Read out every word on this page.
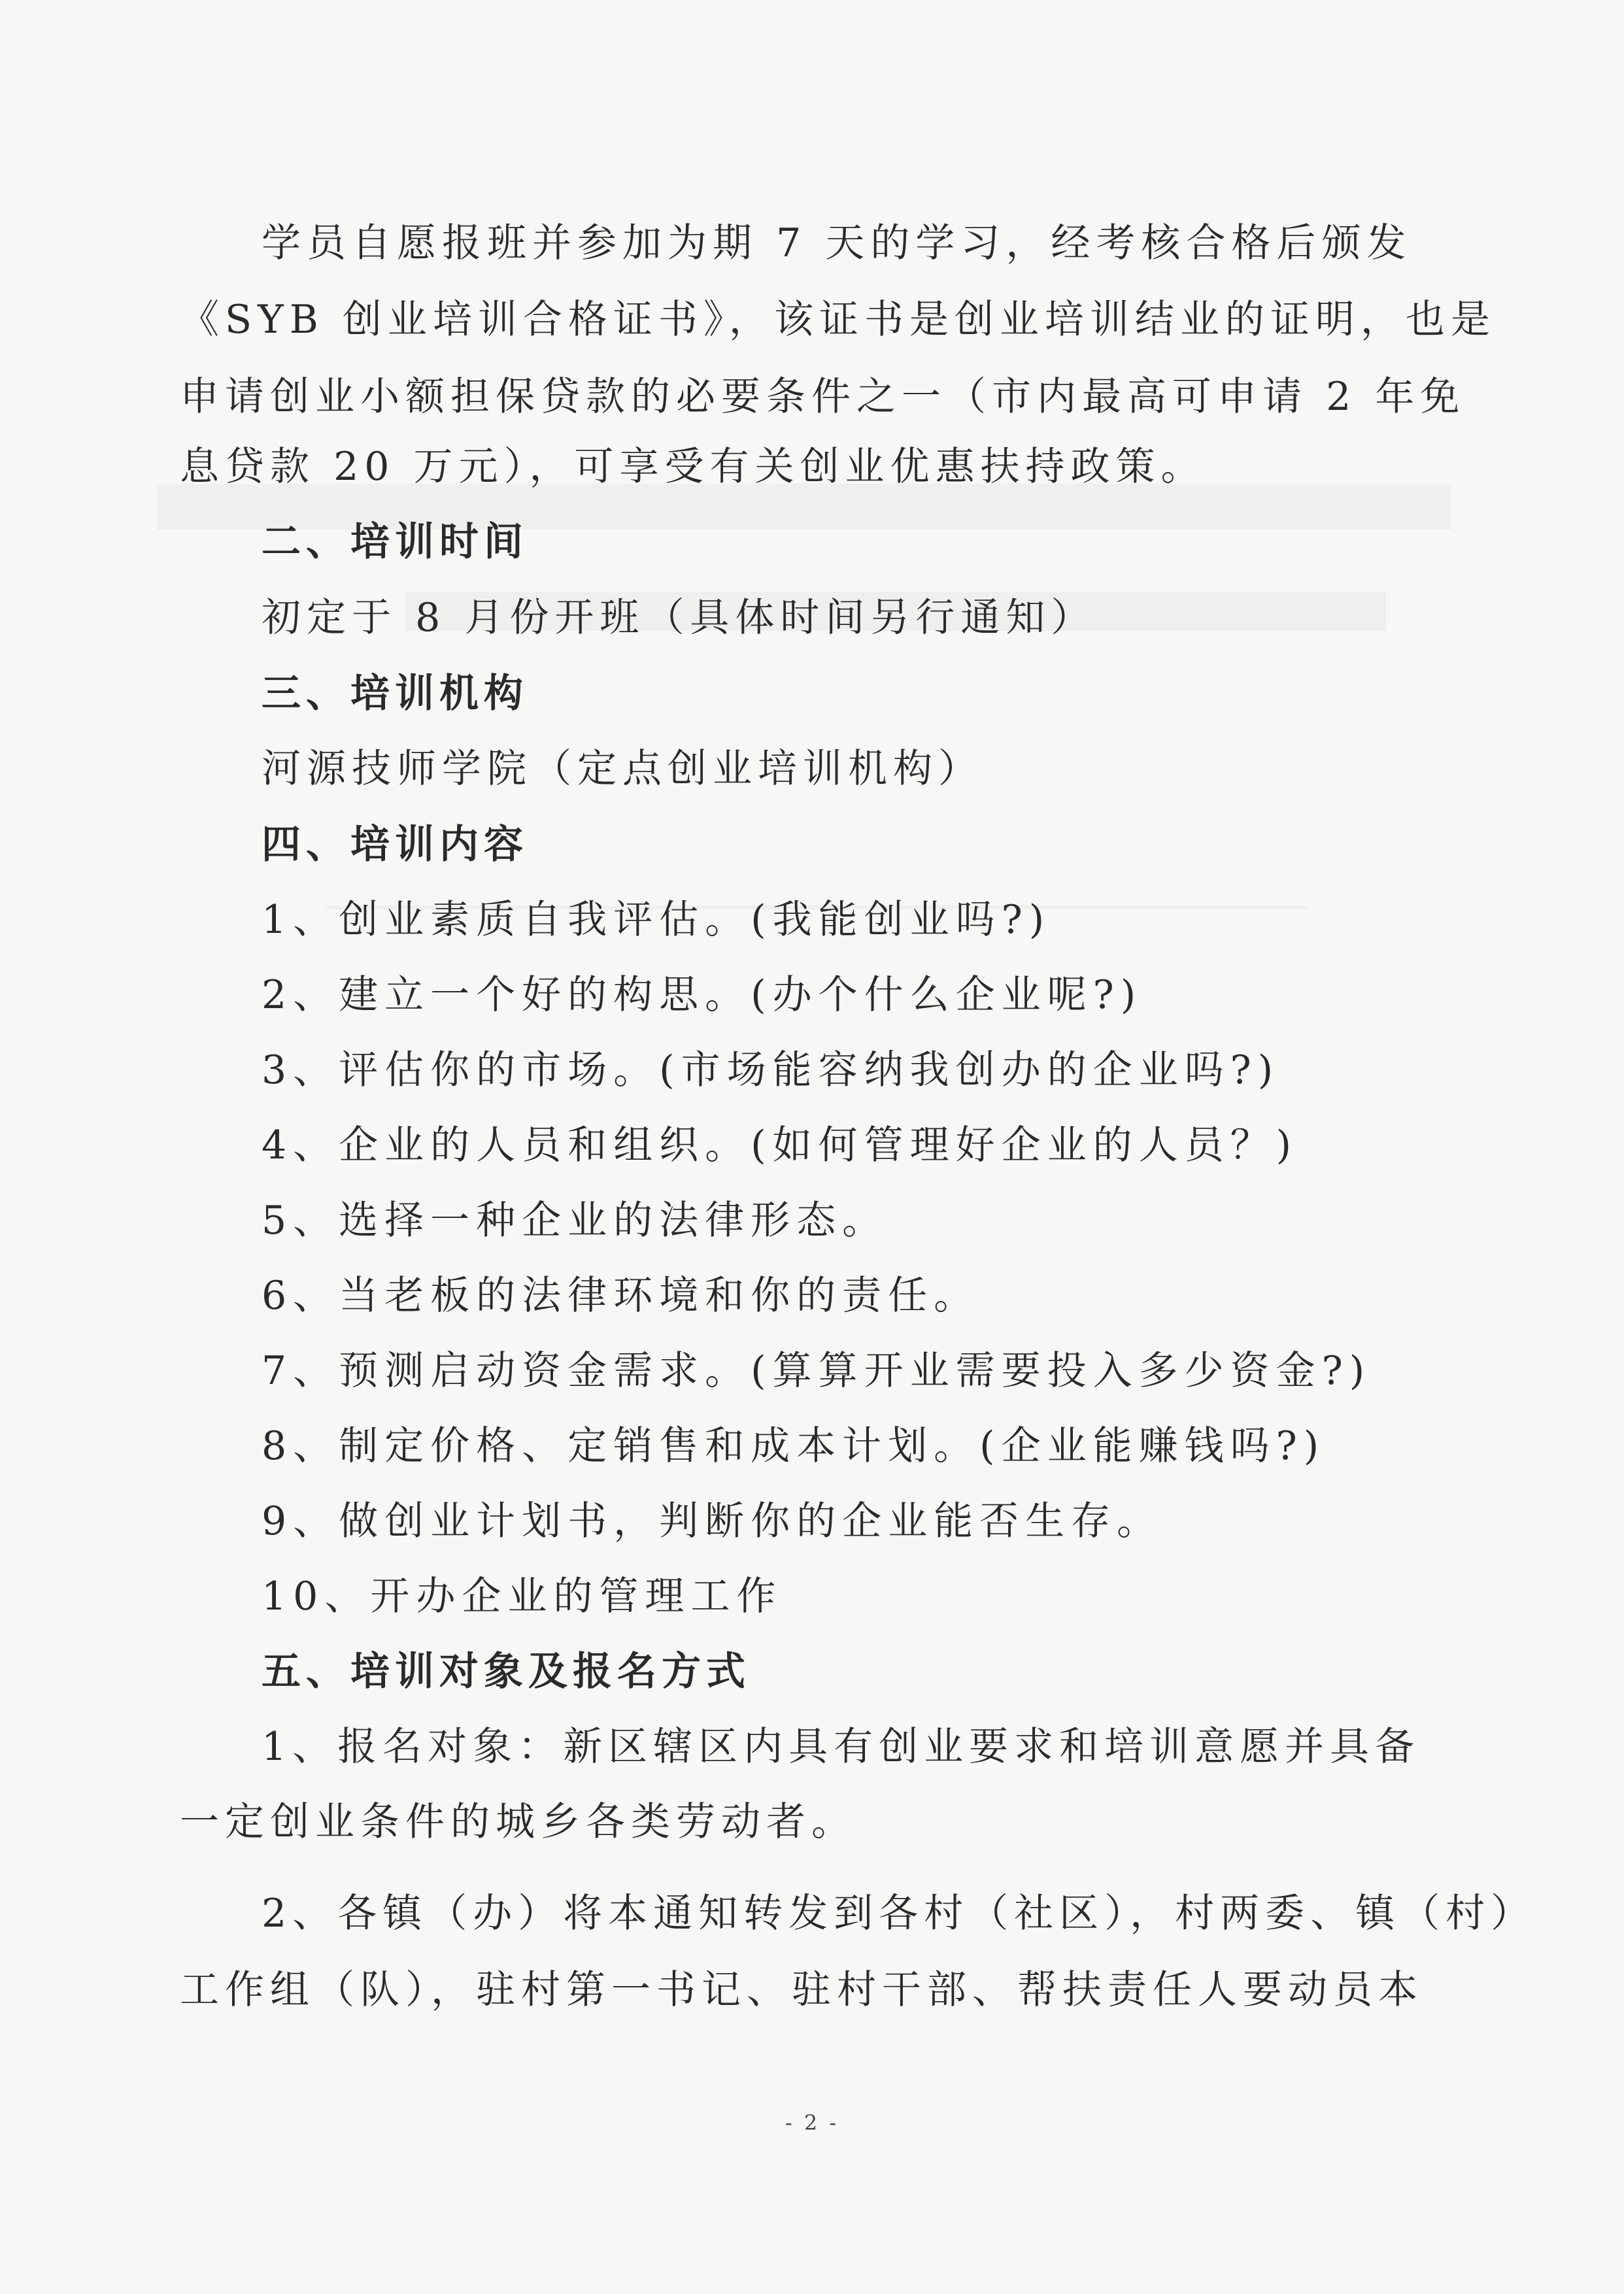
学员自愿报班并参加为期 7 天的学习，经考核合格后颁发
《SYB 创业培训合格证书》，该证书是创业培训结业的证明，也是
申请创业小额担保贷款的必要条件之一（市内最高可申请 2 年免
息贷款 20 万元），可享受有关创业优惠扶持政策。
二、培训时间
初定于 8 月份开班（具体时间另行通知）
三、培训机构
河源技师学院（定点创业培训机构）
四、培训内容
1、创业素质自我评估。(我能创业吗?)
2、建立一个好的构思。(办个什么企业呢?)
3、评估你的市场。(市场能容纳我创办的企业吗?)
4、企业的人员和组织。(如何管理好企业的人员？)
5、选择一种企业的法律形态。
6、当老板的法律环境和你的责任。
7、预测启动资金需求。(算算开业需要投入多少资金?)
8、制定价格、定销售和成本计划。(企业能赚钱吗?)
9、做创业计划书，判断你的企业能否生存。
10、开办企业的管理工作
五、培训对象及报名方式
1、报名对象：新区辖区内具有创业要求和培训意愿并具备
一定创业条件的城乡各类劳动者。
2、各镇（办）将本通知转发到各村（社区），村两委、镇（村）
工作组（队），驻村第一书记、驻村干部、帮扶责任人要动员本
- 2 -
